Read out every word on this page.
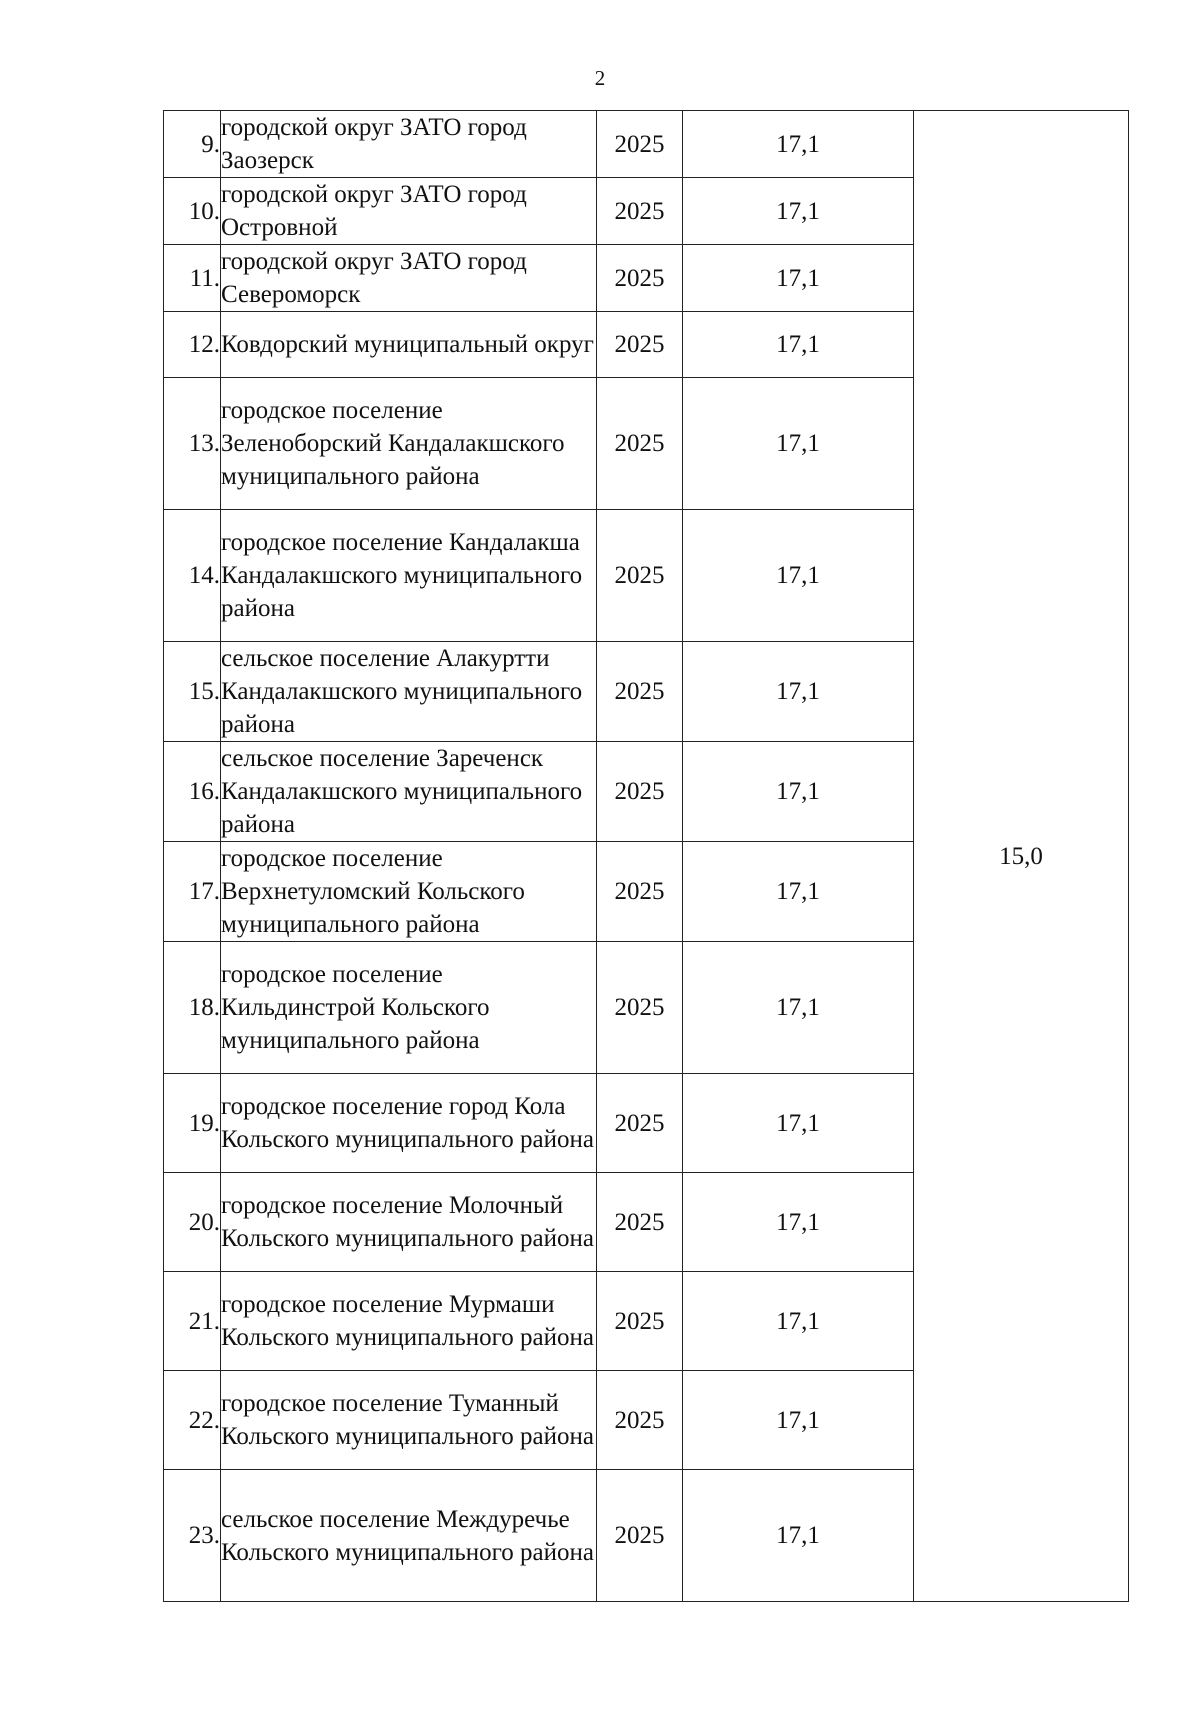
2
9.	городской округ ЗАТО город Заозерск	2025	17,1	15,0
10.	городской округ ЗАТО город Островной	2025	17,1	
11.	городской округ ЗАТО город Североморск	2025	17,1	
12.	Ковдорский муниципальный округ	2025	17,1	
13.	городское поселение Зеленоборский Кандалакшского муниципального района	2025	17,1	
14.	городское поселение Кандалакша Кандалакшского муниципального района	2025	17,1	
15.	сельское поселение Алакуртти Кандалакшского муниципального района	2025	17,1	
16.	сельское поселение Зареченск Кандалакшского муниципального района	2025	17,1	
17.	городское поселение Верхнетуломский Кольского муниципального района	2025	17,1	
18.	городское поселение Кильдинстрой Кольского муниципального района	2025	17,1	
19.	городское поселение город Кола Кольского муниципального района	2025	17,1	
20.	городское поселение Молочный Кольского муниципального района	2025	17,1	
21.	городское поселение Мурмаши Кольского муниципального района	2025	17,1	
22.	городское поселение Туманный Кольского муниципального района	2025	17,1	
23.	сельское поселение Междуречье Кольского муниципального района	2025	17,1	
